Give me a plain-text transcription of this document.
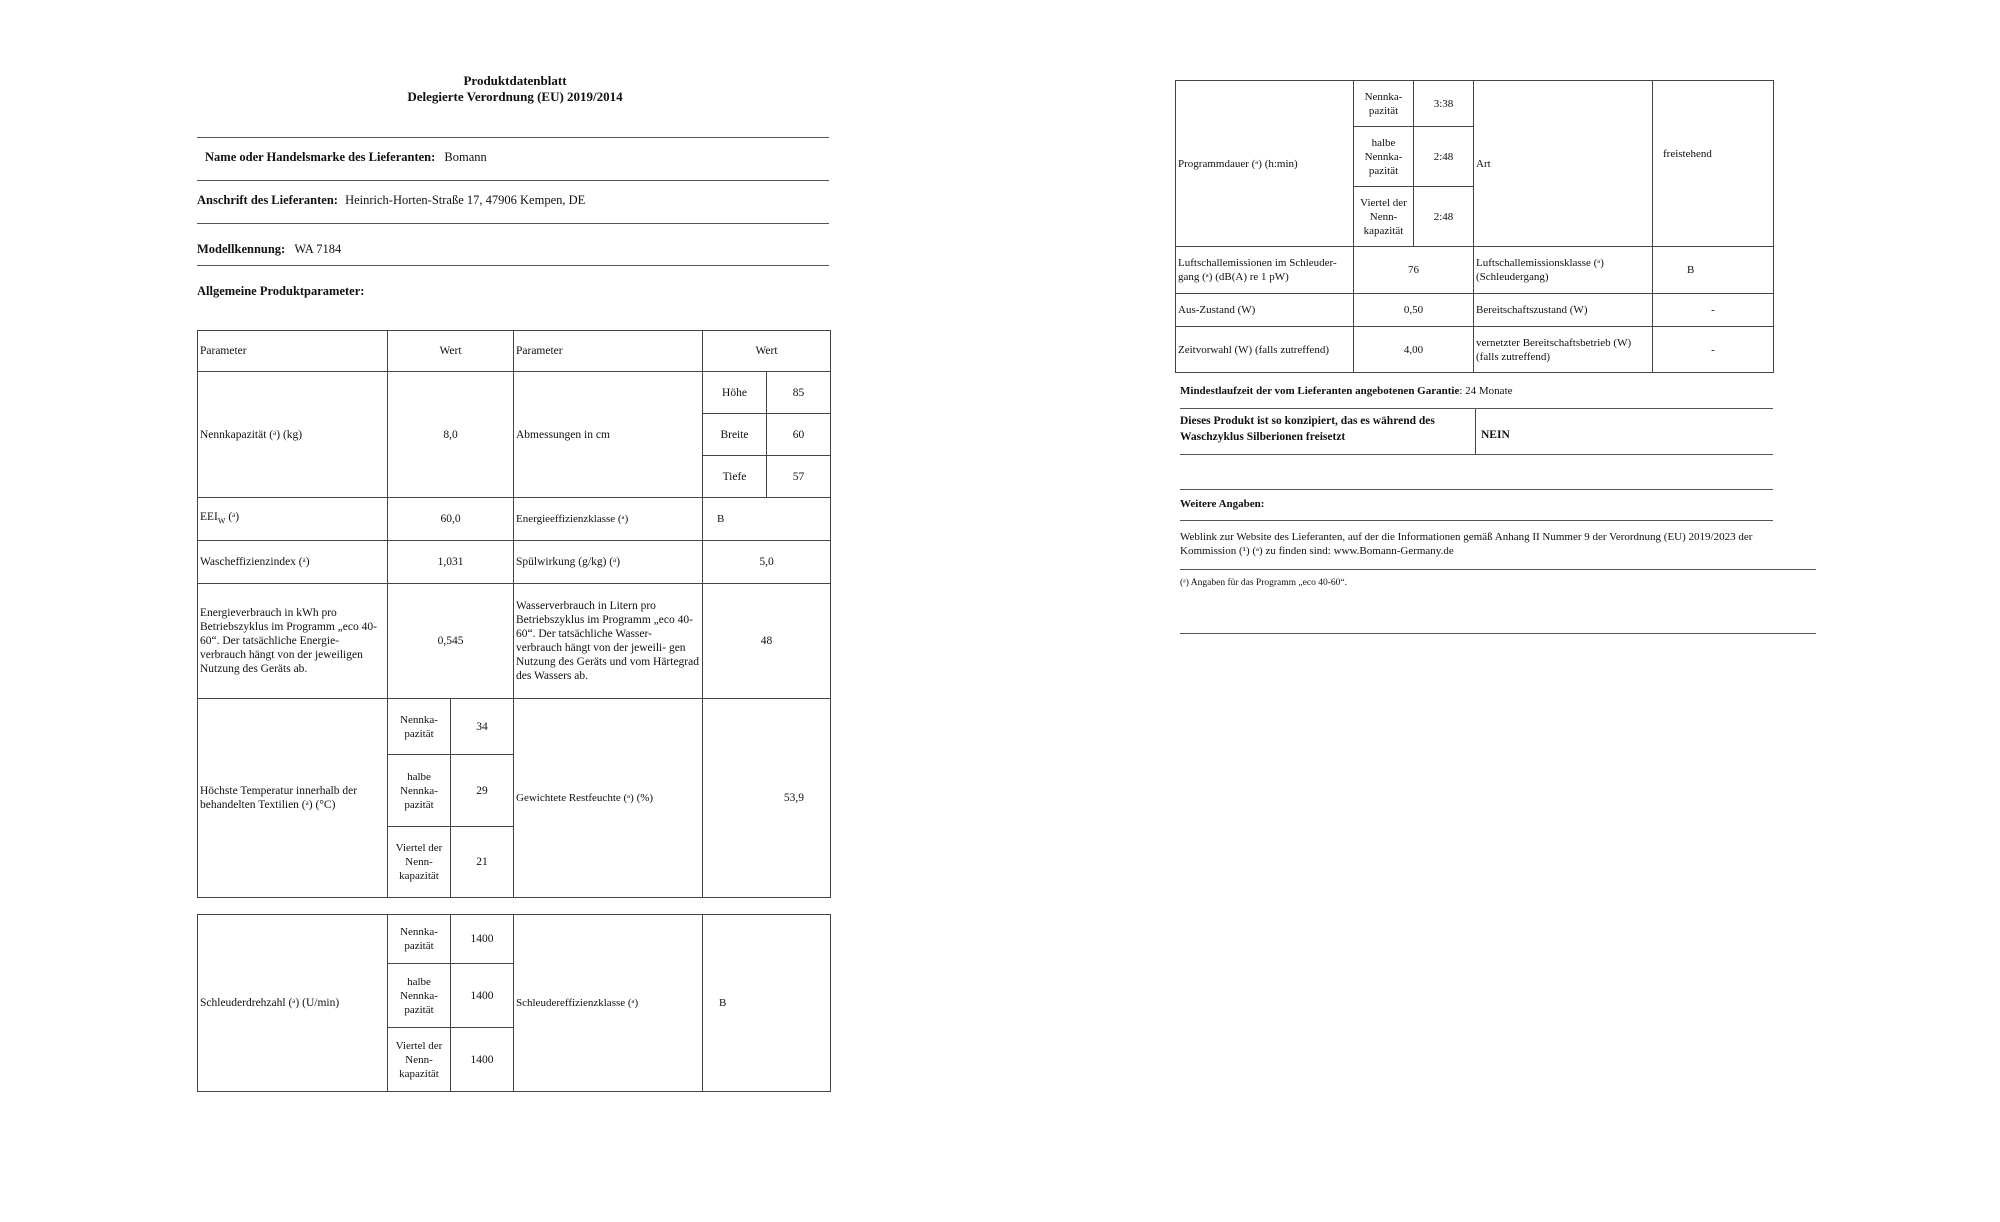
Produktdatenblatt
Delegierte Verordnung (EU) 2019/2014
Name oder Handelsmarke des Lieferanten: Bomann
Anschrift des Lieferanten: Heinrich-Horten-Straße 17, 47906 Kempen, DE
Modellkennung: WA 7184
Allgemeine Produktparameter:
Parameter	Wert		Parameter	Wert	
Nennkapazität (ᵃ) (kg)	8,0		Abmessungen in cm	Höhe	85
				Breite	60
				Tiefe	57
$EEI_W$ (ᵃ)	60,0		Energieeffizienzklasse (ᵃ)	B	
Wascheffizienzindex (ᵃ)	1,031		Spülwirkung (g/kg) (ᵃ)	5,0	
Energieverbrauch in kWh pro Betriebszyklus im Programm „eco 40-60“. Der tatsächliche Energie- verbrauch hängt von der jeweiligen Nutzung des Geräts ab.	0,545		Wasserverbrauch in Litern pro Betriebszyklus im Programm „eco 40-60“. Der tatsächliche Wasser- verbrauch hängt von der jeweili- gen Nutzung des Geräts und vom Härtegrad des Wassers ab.	48	
Höchste Temperatur innerhalb der behandelten Textilien (ᵃ) (°C)	Nennka- pazität	34	Gewichtete Restfeuchte (ᵃ) (%)	53,9	
	halbe Nennka- pazität	29			
	Viertel der Nenn- kapazität	21			
Schleuderdrehzahl (ᵃ) (U/min)	Nennka- pazität	1400	Schleudereffizienzklasse (ᵃ)	B
	halbe Nennka- pazität	1400		
	Viertel der Nenn- kapazität	1400		
Programmdauer (ᵃ) (h:min)	Nennka- pazität	3:38	Art	freistehend
	halbe Nennka- pazität	2:48		
	Viertel der Nenn- kapazität	2:48		
Luftschallemissionen im Schleuder- gang (ᵃ) (dB(A) re 1 pW)	76		Luftschallemissionsklasse (ᵃ) (Schleudergang)	B
Aus-Zustand (W)	0,50		Bereitschaftszustand (W)	-
Zeitvorwahl (W) (falls zutreffend)	4,00		vernetzter Bereitschaftsbetrieb (W) (falls zutreffend)	-
Mindestlaufzeit der vom Lieferanten angebotenen Garantie: 24 Monate
Dieses Produkt ist so konzipiert, das es während des Waschzyklus Silberionen freisetzt	NEIN
Weitere Angaben:
Weblink zur Website des Lieferanten, auf der die Informationen gemäß Anhang II Nummer 9 der Verordnung (EU) 2019/2023 der Kommission (¹) (ᵃ) zu finden sind: www.Bomann-Germany.de
(ᵃ) Angaben für das Programm „eco 40-60“.
